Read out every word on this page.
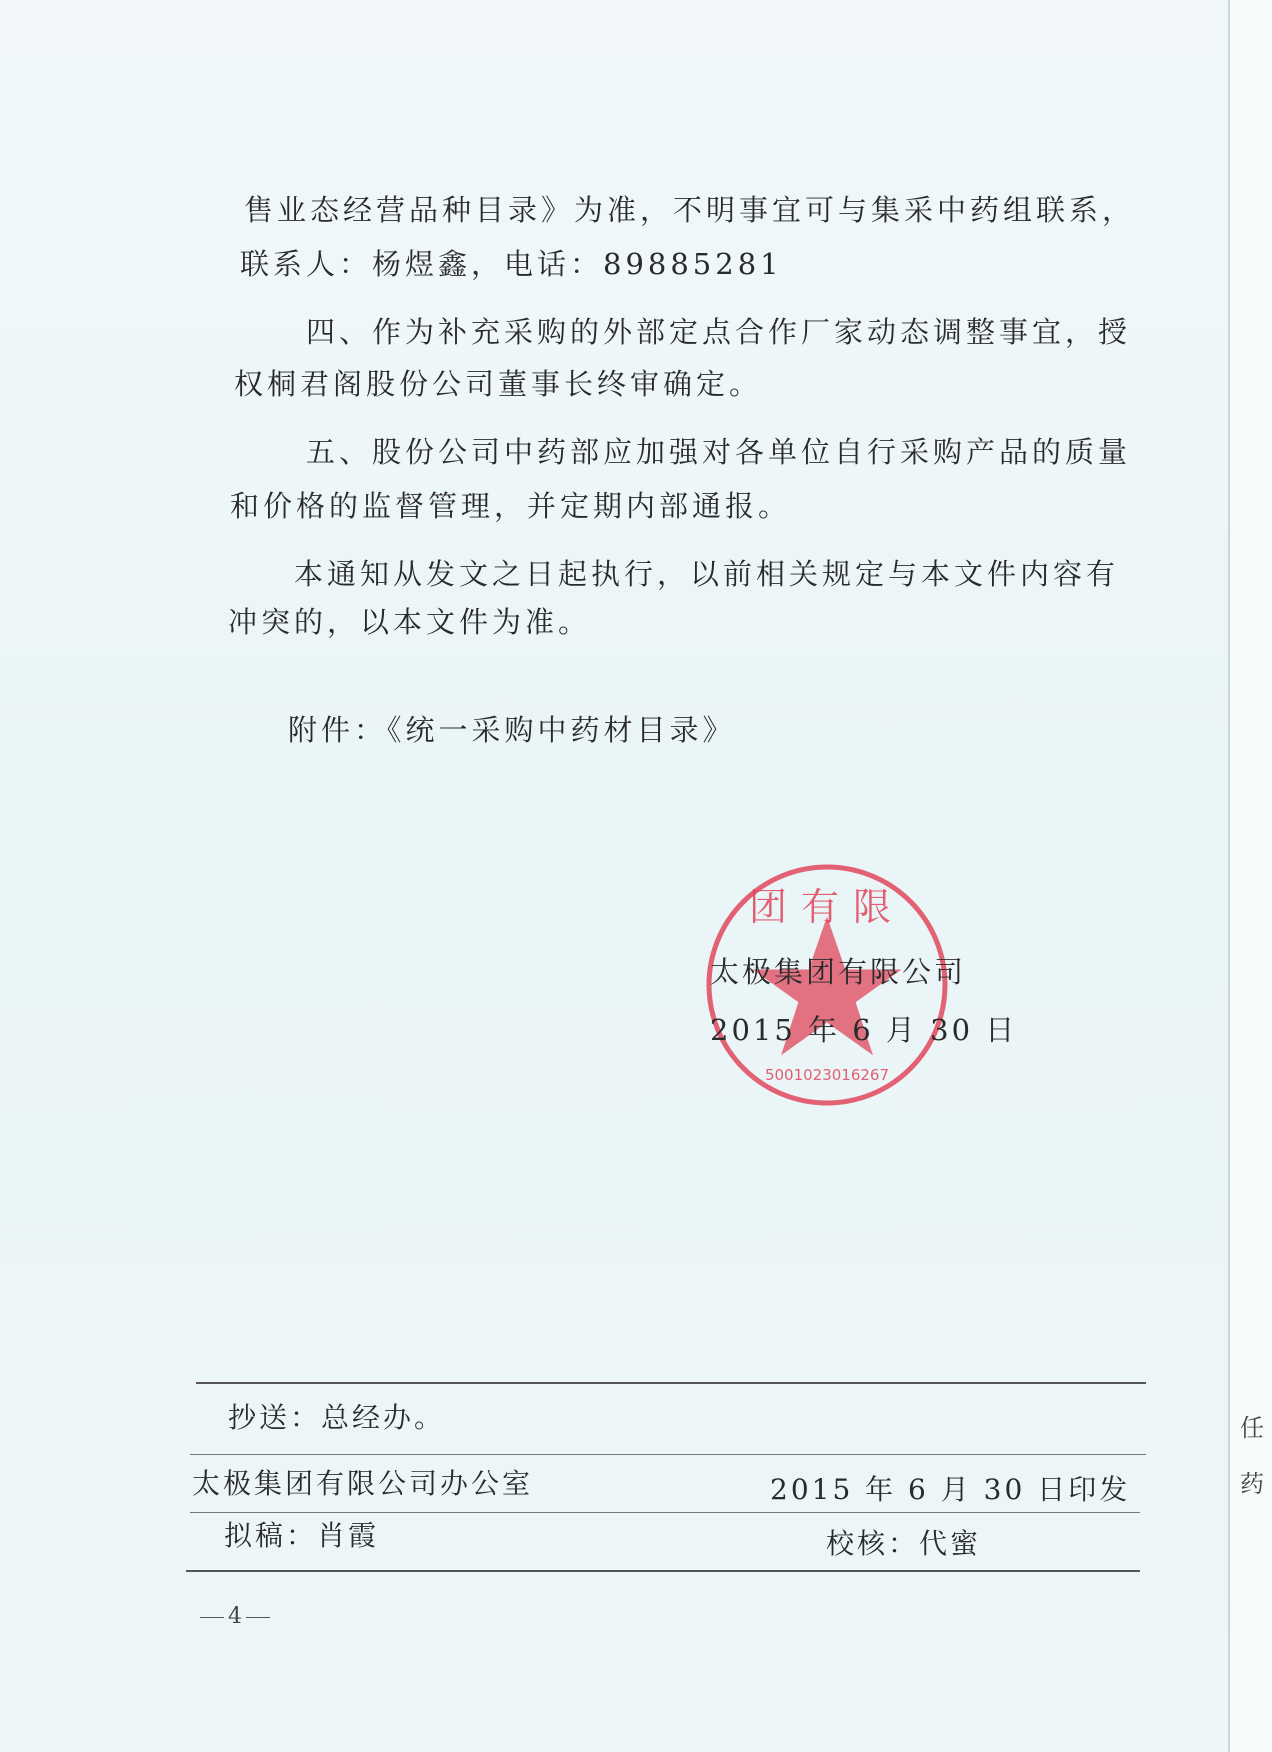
售业态经营品种目录》为准，不明事宜可与集采中药组联系，
联系人：杨煜鑫，电话：89885281
四、作为补充采购的外部定点合作厂家动态调整事宜，授
权桐君阁股份公司董事长终审确定。
五、股份公司中药部应加强对各单位自行采购产品的质量
和价格的监督管理，并定期内部通报。
本通知从发文之日起执行，以前相关规定与本文件内容有
冲突的，以本文件为准。
附件：《统一采购中药材目录》
团有限
5001023016267
太极集团有限公司
2015 年 6 月 30 日
抄送：总经办。
太极集团有限公司办公室	2015 年 6 月 30 日印发
拟稿：肖霞	校核：代蜜
4
任
药
